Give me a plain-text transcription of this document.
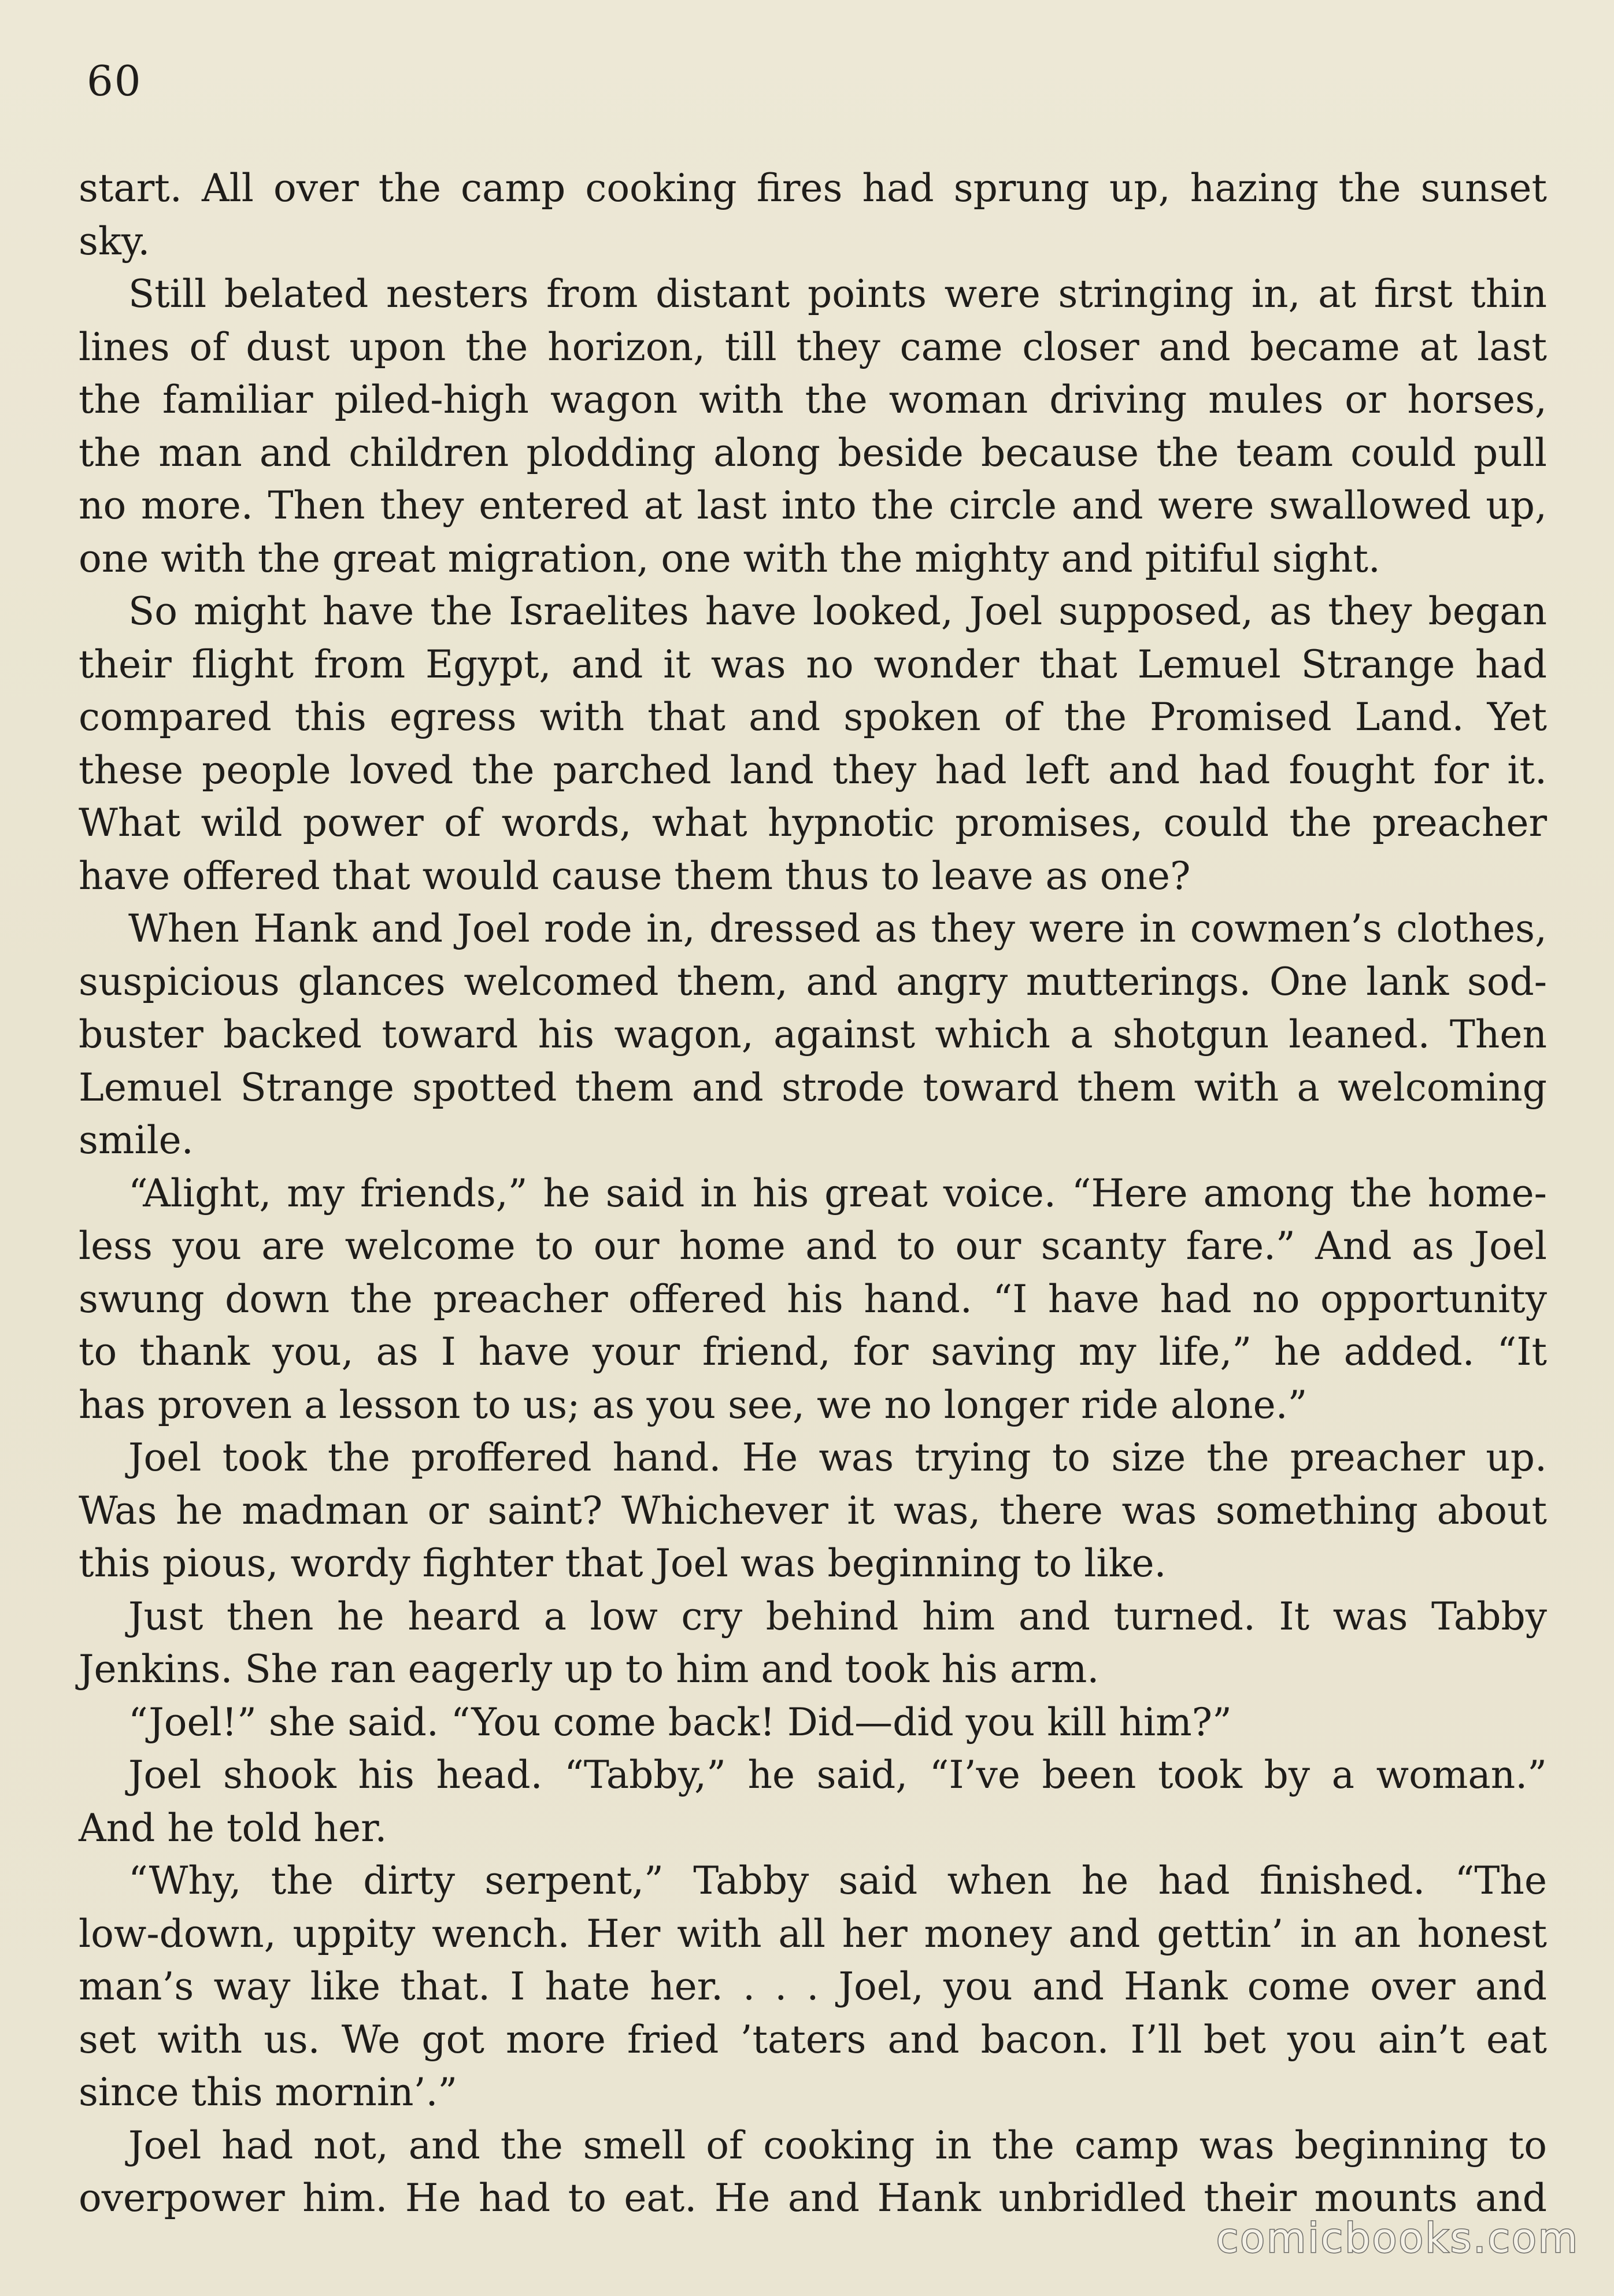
60
start. All over the camp cooking fires had sprung up, hazing the sunset
sky.
Still belated nesters from distant points were stringing in, at first thin
lines of dust upon the horizon, till they came closer and became at last
the familiar piled-high wagon with the woman driving mules or horses,
the man and children plodding along beside because the team could pull
no more. Then they entered at last into the circle and were swallowed up,
one with the great migration, one with the mighty and pitiful sight.
So might have the Israelites have looked, Joel supposed, as they began
their flight from Egypt, and it was no wonder that Lemuel Strange had
compared this egress with that and spoken of the Promised Land. Yet
these people loved the parched land they had left and had fought for it.
What wild power of words, what hypnotic promises, could the preacher
have offered that would cause them thus to leave as one?
When Hank and Joel rode in, dressed as they were in cowmen’s clothes,
suspicious glances welcomed them, and angry mutterings. One lank sod-
buster backed toward his wagon, against which a shotgun leaned. Then
Lemuel Strange spotted them and strode toward them with a welcoming
smile.
“Alight, my friends,” he said in his great voice. “Here among the home-
less you are welcome to our home and to our scanty fare.” And as Joel
swung down the preacher offered his hand. “I have had no opportunity
to thank you, as I have your friend, for saving my life,” he added. “It
has proven a lesson to us; as you see, we no longer ride alone.”
Joel took the proffered hand. He was trying to size the preacher up.
Was he madman or saint? Whichever it was, there was something about
this pious, wordy fighter that Joel was beginning to like.
Just then he heard a low cry behind him and turned. It was Tabby
Jenkins. She ran eagerly up to him and took his arm.
“Joel!” she said. “You come back! Did—did you kill him?”
Joel shook his head. “Tabby,” he said, “I’ve been took by a woman.”
And he told her.
“Why, the dirty serpent,” Tabby said when he had finished. “The
low-down, uppity wench. Her with all her money and gettin’ in an honest
man’s way like that. I hate her. . . . Joel, you and Hank come over and
set with us. We got more fried ’taters and bacon. I’ll bet you ain’t eat
since this mornin’.”
Joel had not, and the smell of cooking in the camp was beginning to
overpower him. He had to eat. He and Hank unbridled their mounts and
comicbooks.com
